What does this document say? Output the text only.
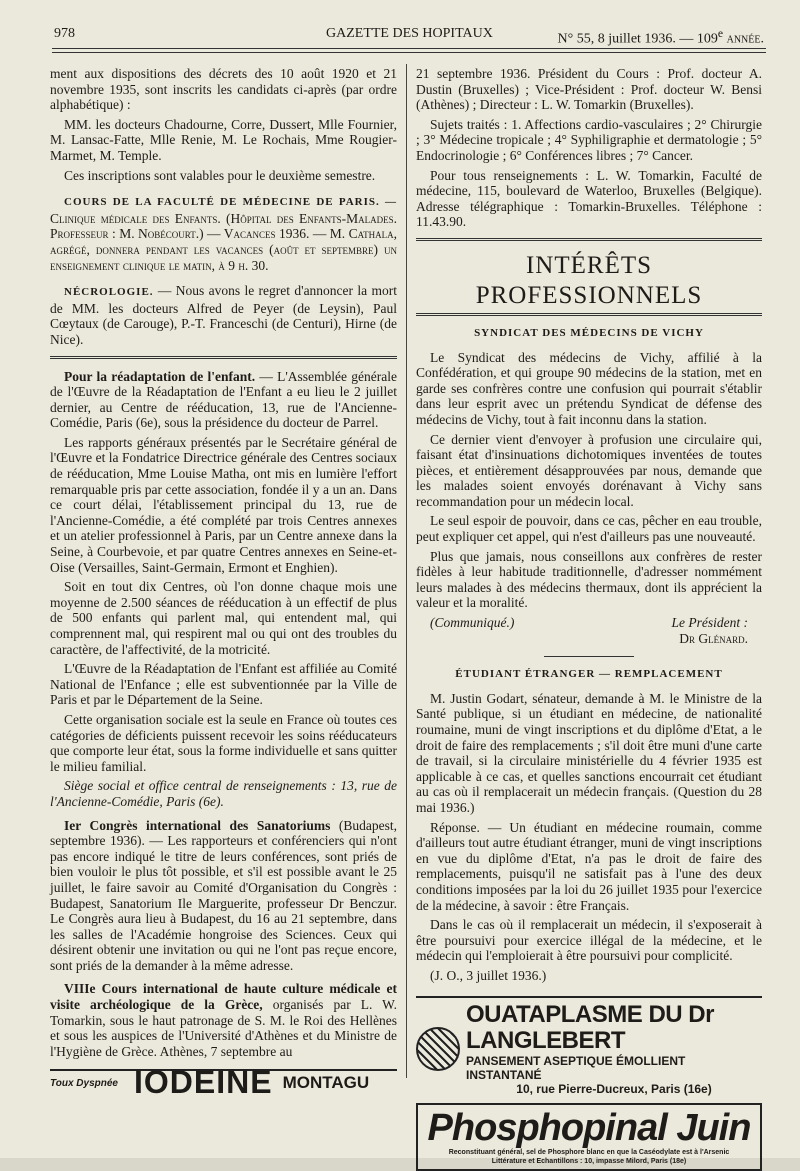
978	GAZETTE DES HOPITAUX	N° 55, 8 juillet 1936. — 109e année.

ment aux dispositions des décrets des 10 août 1920 et 21 novembre 1935, sont inscrits les candidats ci-après (par ordre alphabétique) :

MM. les docteurs Chadourne, Corre, Dussert, Mlle Fournier, M. Lansac-Fatte, Mlle Renie, M. Le Rochais, Mme Rougier-Marmet, M. Temple.

Ces inscriptions sont valables pour le deuxième semestre.

COURS DE LA FACULTÉ DE MÉDECINE DE PARIS. — Clinique médicale des Enfants. (Hôpital des Enfants-Malades. Professeur : M. Nobécourt.) — Vacances 1936. — M. Cathala, agrégé, donnera pendant les vacances (août et septembre) un enseignement clinique le matin, à 9 h. 30.

NÉCROLOGIE. — Nous avons le regret d'annoncer la mort de MM. les docteurs Alfred de Peyer (de Leysin), Paul Cœytaux (de Carouge), P.-T. Franceschi (de Centuri), Hirne (de Nice).

Pour la réadaptation de l'enfant. — L'Assemblée générale de l'Œuvre de la Réadaptation de l'Enfant a eu lieu le 2 juillet dernier, au Centre de rééducation, 13, rue de l'Ancienne-Comédie, Paris (6e), sous la présidence du docteur de Parrel.

Les rapports généraux présentés par le Secrétaire général de l'Œuvre et la Fondatrice Directrice générale des Centres sociaux de rééducation, Mme Louise Matha, ont mis en lumière l'effort remarquable pris par cette association, fondée il y a un an. Dans ce court délai, l'établissement principal du 13, rue de l'Ancienne-Comédie, a été complété par trois Centres annexes et un atelier professionnel à Paris, par un Centre annexe dans la Seine, à Courbevoie, et par quatre Centres annexes en Seine-et-Oise (Versailles, Saint-Germain, Ermont et Enghien).

Soit en tout dix Centres, où l'on donne chaque mois une moyenne de 2.500 séances de rééducation à un effectif de plus de 500 enfants qui parlent mal, qui entendent mal, qui comprennent mal, qui respirent mal ou qui ont des troubles du caractère, de l'affectivité, de la motricité.

L'Œuvre de la Réadaptation de l'Enfant est affiliée au Comité National de l'Enfance ; elle est subventionnée par la Ville de Paris et par le Département de la Seine.

Cette organisation sociale est la seule en France où toutes ces catégories de déficients puissent recevoir les soins rééducateurs que comporte leur état, sous la forme individuelle et sans quitter le milieu familial.

Siège social et office central de renseignements : 13, rue de l'Ancienne-Comédie, Paris (6e).

Ier Congrès international des Sanatoriums (Budapest, septembre 1936). — Les rapporteurs et conférenciers qui n'ont pas encore indiqué le titre de leurs conférences, sont priés de bien vouloir le plus tôt possible, et s'il est possible avant le 25 juillet, le faire savoir au Comité d'Organisation du Congrès : Budapest, Sanatorium Ile Marguerite, professeur Dr Benczur. Le Congrès aura lieu à Budapest, du 16 au 21 septembre, dans les salles de l'Académie hongroise des Sciences. Ceux qui désirent obtenir une invitation ou qui ne l'ont pas reçue encore, sont priés de la demander à la même adresse.

VIIIe Cours international de haute culture médicale et visite archéologique de la Grèce, organisés par L. W. Tomarkin, sous le haut patronage de S. M. le Roi des Hellènes et sous les auspices de l'Université d'Athènes et du Ministre de l'Hygiène de Grèce. Athènes, 7 septembre au

Toux Dyspnée IODEINE MONTAGU

21 septembre 1936. Président du Cours : Prof. docteur A. Dustin (Bruxelles) ; Vice-Président : Prof. docteur W. Bensi (Athènes) ; Directeur : L. W. Tomarkin (Bruxelles).

Sujets traités : 1. Affections cardio-vasculaires ; 2° Chirurgie ; 3° Médecine tropicale ; 4° Syphiligraphie et dermatologie ; 5° Endocrinologie ; 6° Conférences libres ; 7° Cancer.

Pour tous renseignements : L. W. Tomarkin, Faculté de médecine, 115, boulevard de Waterloo, Bruxelles (Belgique). Adresse télégraphique : Tomarkin-Bruxelles. Téléphone : 11.43.90.

INTÉRÊTS PROFESSIONNELS
SYNDICAT DES MÉDECINS DE VICHY

Le Syndicat des médecins de Vichy, affilié à la Confédération, et qui groupe 90 médecins de la station, met en garde ses confrères contre une confusion qui pourrait s'établir dans leur esprit avec un prétendu Syndicat de défense des médecins de Vichy, tout à fait inconnu dans la station.

Ce dernier vient d'envoyer à profusion une circulaire qui, faisant état d'insinuations dichotomiques inventées de toutes pièces, et entièrement désapprouvées par nous, demande que les malades soient envoyés dorénavant à Vichy sans recommandation pour un médecin local.

Le seul espoir de pouvoir, dans ce cas, pêcher en eau trouble, peut expliquer cet appel, qui n'est d'ailleurs pas une nouveauté.

Plus que jamais, nous conseillons aux confrères de rester fidèles à leur habitude traditionnelle, d'adresser nommément leurs malades à des médecins thermaux, dont ils apprécient la valeur et la moralité.

(Communiqué.)	Le Président :
Dr Glénard.
ÉTUDIANT ÉTRANGER — REMPLACEMENT

M. Justin Godart, sénateur, demande à M. le Ministre de la Santé publique, si un étudiant en médecine, de nationalité roumaine, muni de vingt inscriptions et du diplôme d'Etat, a le droit de faire des remplacements ; s'il doit être muni d'une carte de travail, si la circulaire ministérielle du 4 février 1935 est applicable à ce cas, et quelles sanctions encourrait cet étudiant au cas où il remplacerait un médecin français. (Question du 28 mai 1936.)

Réponse. — Un étudiant en médecine roumain, comme d'ailleurs tout autre étudiant étranger, muni de vingt inscriptions en vue du diplôme d'Etat, n'a pas le droit de faire des remplacements, puisqu'il ne satisfait pas à l'une des deux conditions imposées par la loi du 26 juillet 1935 pour l'exercice de la médecine, à savoir : être Français.

Dans le cas où il remplacerait un médecin, il s'exposerait à être poursuivi pour exercice illégal de la médecine, et le médecin qui l'emploierait à être poursuivi pour complicité.

(J. O., 3 juillet 1936.)

OUATAPLASME DU Dr LANGLEBERT
PANSEMENT ASEPTIQUE ÉMOLLIENT INSTANTANÉ
10, rue Pierre-Ducreux, Paris (16e)
Phosphopinal Juin
Reconstituant général, sel de Phosphore blanc en que la Caséodylate est à l'Arsenic
Littérature et Echantillons : 10, impasse Milord, Paris (18e)
